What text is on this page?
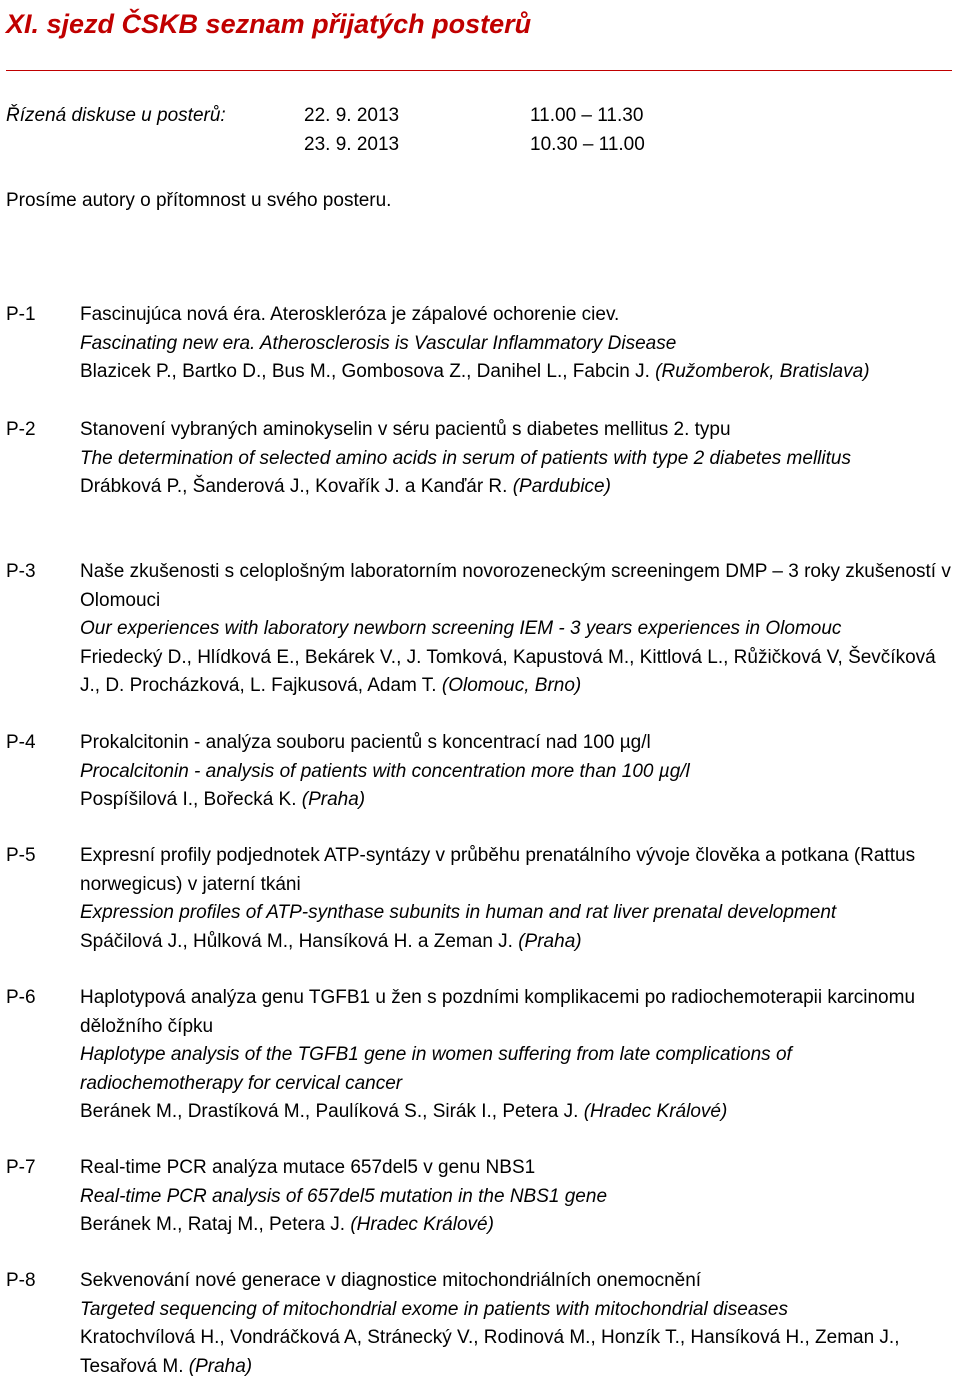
XI. sjezd ČSKB seznam přijatých posterů
Řízená diskuse u posterů:	22. 9. 2013	11.00 – 11.30
23. 9. 2013	10.30 – 11.00
Prosíme autory o přítomnost u svého posteru.
P-1	Fascinujúca nová éra. Ateroskleróza je zápalové ochorenie ciev.
Fascinating new era. Atherosclerosis is Vascular Inflammatory Disease
Blazicek P., Bartko D., Bus M., Gombosova Z., Danihel L., Fabcin J. (Ružomberok, Bratislava)
P-2	Stanovení vybraných aminokyselin v séru pacientů s diabetes mellitus 2. typu
The determination of selected amino acids in serum of patients with type 2 diabetes mellitus
Drábková P., Šanderová J., Kovařík J. a Kanďár R. (Pardubice)
P-3	Naše zkušenosti s celoplošným laboratorním novorozeneckým screeningem DMP – 3 roky zkušeností v Olomouci
Our experiences with laboratory newborn screening IEM - 3 years experiences in Olomouc
Friedecký D., Hlídková E., Bekárek V., J. Tomková, Kapustová M., Kittlová L., Růžičková V, Ševčíková J., D. Procházková, L. Fajkusová, Adam T. (Olomouc, Brno)
P-4	Prokalcitonin - analýza souboru pacientů s koncentrací nad 100 µg/l
Procalcitonin - analysis of patients with concentration more than 100 µg/l
Pospíšilová I., Bořecká K. (Praha)
P-5	Expresní profily podjednotek ATP-syntázy v průběhu prenatálního vývoje člověka a potkana (Rattus norwegicus) v jaterní tkáni
Expression profiles of ATP-synthase subunits in human and rat liver prenatal development
Spáčilová J., Hůlková M., Hansíková H. a Zeman J. (Praha)
P-6	Haplotypová analýza genu TGFB1 u žen s pozdními komplikacemi po radiochemoterapii karcinomu děložního čípku
Haplotype analysis of the TGFB1 gene in women suffering from late complications of radiochemotherapy for cervical cancer
Beránek M., Drastíková M., Paulíková S., Sirák I., Petera J. (Hradec Králové)
P-7	Real-time PCR analýza mutace 657del5 v genu NBS1
Real-time PCR analysis of 657del5 mutation in the NBS1 gene
Beránek M., Rataj M., Petera J. (Hradec Králové)
P-8	Sekvenování nové generace v diagnostice mitochondriálních onemocnění
Targeted sequencing of mitochondrial exome in patients with mitochondrial diseases
Kratochvílová H., Vondráčková A, Stránecký V., Rodinová M., Honzík T., Hansíková H., Zeman J., Tesařová M. (Praha)
